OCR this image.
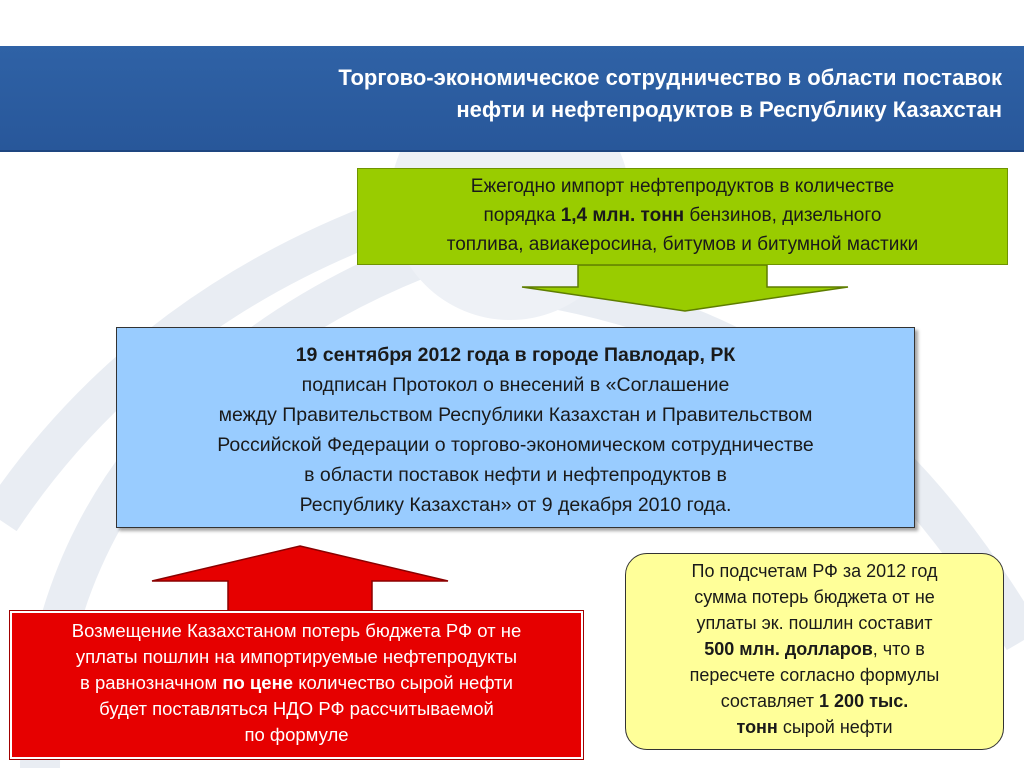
Торгово-экономическое сотрудничество в области поставок
нефти и нефтепродуктов в Республику Казахстан
Ежегодно импорт нефтепродуктов в количестве
порядка 1,4 млн. тонн бензинов, дизельного
топлива, авиакеросина, битумов и битумной мастики
19 сентября 2012 года в городе Павлодар, РК
подписан Протокол о внесений в «Соглашение
между Правительством Республики Казахстан и Правительством
Российской Федерации о торгово-экономическом сотрудничестве
в области поставок нефти и нефтепродуктов в
Республику Казахстан» от 9 декабря 2010 года.
Возмещение Казахстаном потерь бюджета РФ от не
уплаты пошлин на импортируемые нефтепродукты
в равнозначном по цене количество сырой нефти
будет поставляться НДО РФ рассчитываемой
по формуле
По подсчетам РФ за 2012 год
сумма потерь бюджета от не
уплаты эк. пошлин составит
500 млн. долларов, что в
пересчете согласно формулы
составляет 1 200 тыс.
тонн сырой нефти
